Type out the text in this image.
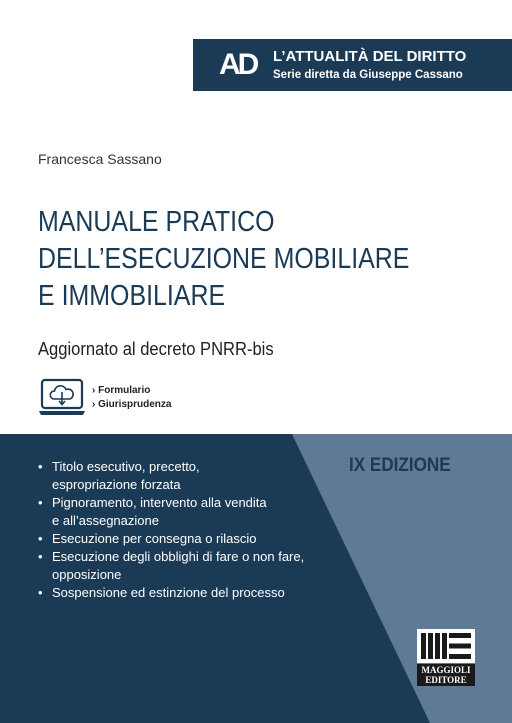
AD L’ATTUALITÀ DEL DIRITTO
Serie diretta da Giuseppe Cassano
Francesca Sassano
MANUALE PRATICO
DELL’ESECUZIONE MOBILIARE
E IMMOBILIARE
Aggiornato al decreto PNRR-bis
› Formulario
› Giurisprudenza
IX EDIZIONE
• Titolo esecutivo, precetto,
espropriazione forzata
• Pignoramento, intervento alla vendita
e all’assegnazione
• Esecuzione per consegna o rilascio
• Esecuzione degli obblighi di fare o non fare,
opposizione
• Sospensione ed estinzione del processo
MAGGIOLI
EDITORE
